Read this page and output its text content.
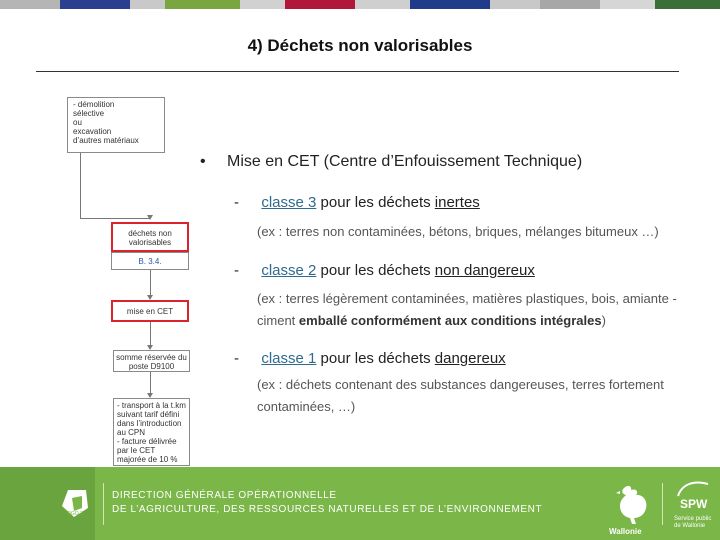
4) Déchets non valorisables
- démolition
sélective
ou
excavation
d’autres matériaux
déchets non
valorisables
B. 3.4.
mise en CET
somme réservée du
poste D9100
- transport à la t.km
suivant tarif défini
dans l’introduction
au CPN
- facture délivrée
par le CET
majorée de 10 %
• Mise en CET (Centre d’Enfouissement Technique)
- classe 3 pour les déchets inertes
(ex : terres non contaminées, bétons, briques, mélanges bitumeux …)
- classe 2 pour les déchets non dangereux
(ex : terres légèrement contaminées, matières plastiques, bois, amiante -ciment emballé conformément aux conditions intégrales)
- classe 1 pour les déchets dangereux
(ex : déchets contenant des substances dangereuses, terres fortement contaminées, …)
DIRECTION GÉNÉRALE OPÉRATIONNELLE
DE L’AGRICULTURE, DES RESSOURCES NATURELLES ET DE L’ENVIRONNEMENT
DGO 3
Wallonie
SPW
Service public
de Wallonie
